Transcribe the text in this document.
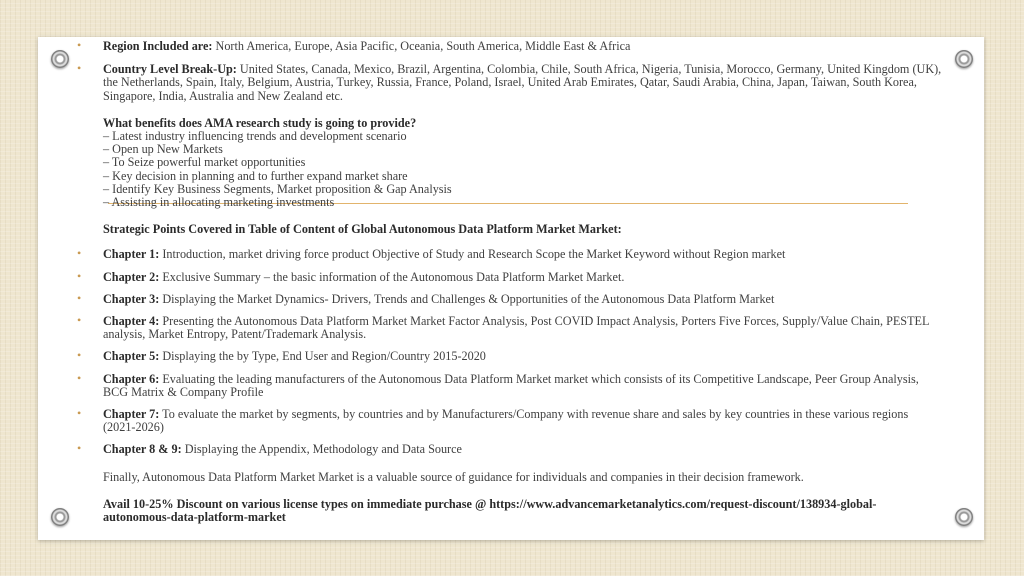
• Region Included are: North America, Europe, Asia Pacific, Oceania, South America, Middle East & Africa

• Country Level Break-Up: United States, Canada, Mexico, Brazil, Argentina, Colombia, Chile, South Africa, Nigeria, Tunisia, Morocco, Germany, United Kingdom (UK), the Netherlands, Spain, Italy, Belgium, Austria, Turkey, Russia, France, Poland, Israel, United Arab Emirates, Qatar, Saudi Arabia, China, Japan, Taiwan, South Korea, Singapore, India, Australia and New Zealand etc.

What benefits does AMA research study is going to provide?
– Latest industry influencing trends and development scenario
– Open up New Markets
– To Seize powerful market opportunities
– Key decision in planning and to further expand market share
– Identify Key Business Segments, Market proposition & Gap Analysis
– Assisting in allocating marketing investments

Strategic Points Covered in Table of Content of Global Autonomous Data Platform Market Market:

• Chapter 1: Introduction, market driving force product Objective of Study and Research Scope the Market Keyword without Region market

• Chapter 2: Exclusive Summary – the basic information of the Autonomous Data Platform Market Market.

• Chapter 3: Displaying the Market Dynamics- Drivers, Trends and Challenges & Opportunities of the Autonomous Data Platform Market

• Chapter 4: Presenting the Autonomous Data Platform Market Market Factor Analysis, Post COVID Impact Analysis, Porters Five Forces, Supply/Value Chain, PESTEL analysis, Market Entropy, Patent/Trademark Analysis.

• Chapter 5: Displaying the by Type, End User and Region/Country 2015-2020

• Chapter 6: Evaluating the leading manufacturers of the Autonomous Data Platform Market market which consists of its Competitive Landscape, Peer Group Analysis, BCG Matrix & Company Profile

• Chapter 7: To evaluate the market by segments, by countries and by Manufacturers/Company with revenue share and sales by key countries in these various regions (2021-2026)

• Chapter 8 & 9: Displaying the Appendix, Methodology and Data Source

Finally, Autonomous Data Platform Market Market is a valuable source of guidance for individuals and companies in their decision framework.

Avail 10-25% Discount on various license types on immediate purchase @ https://www.advancemarketanalytics.com/request-discount/138934-global-autonomous-data-platform-market
